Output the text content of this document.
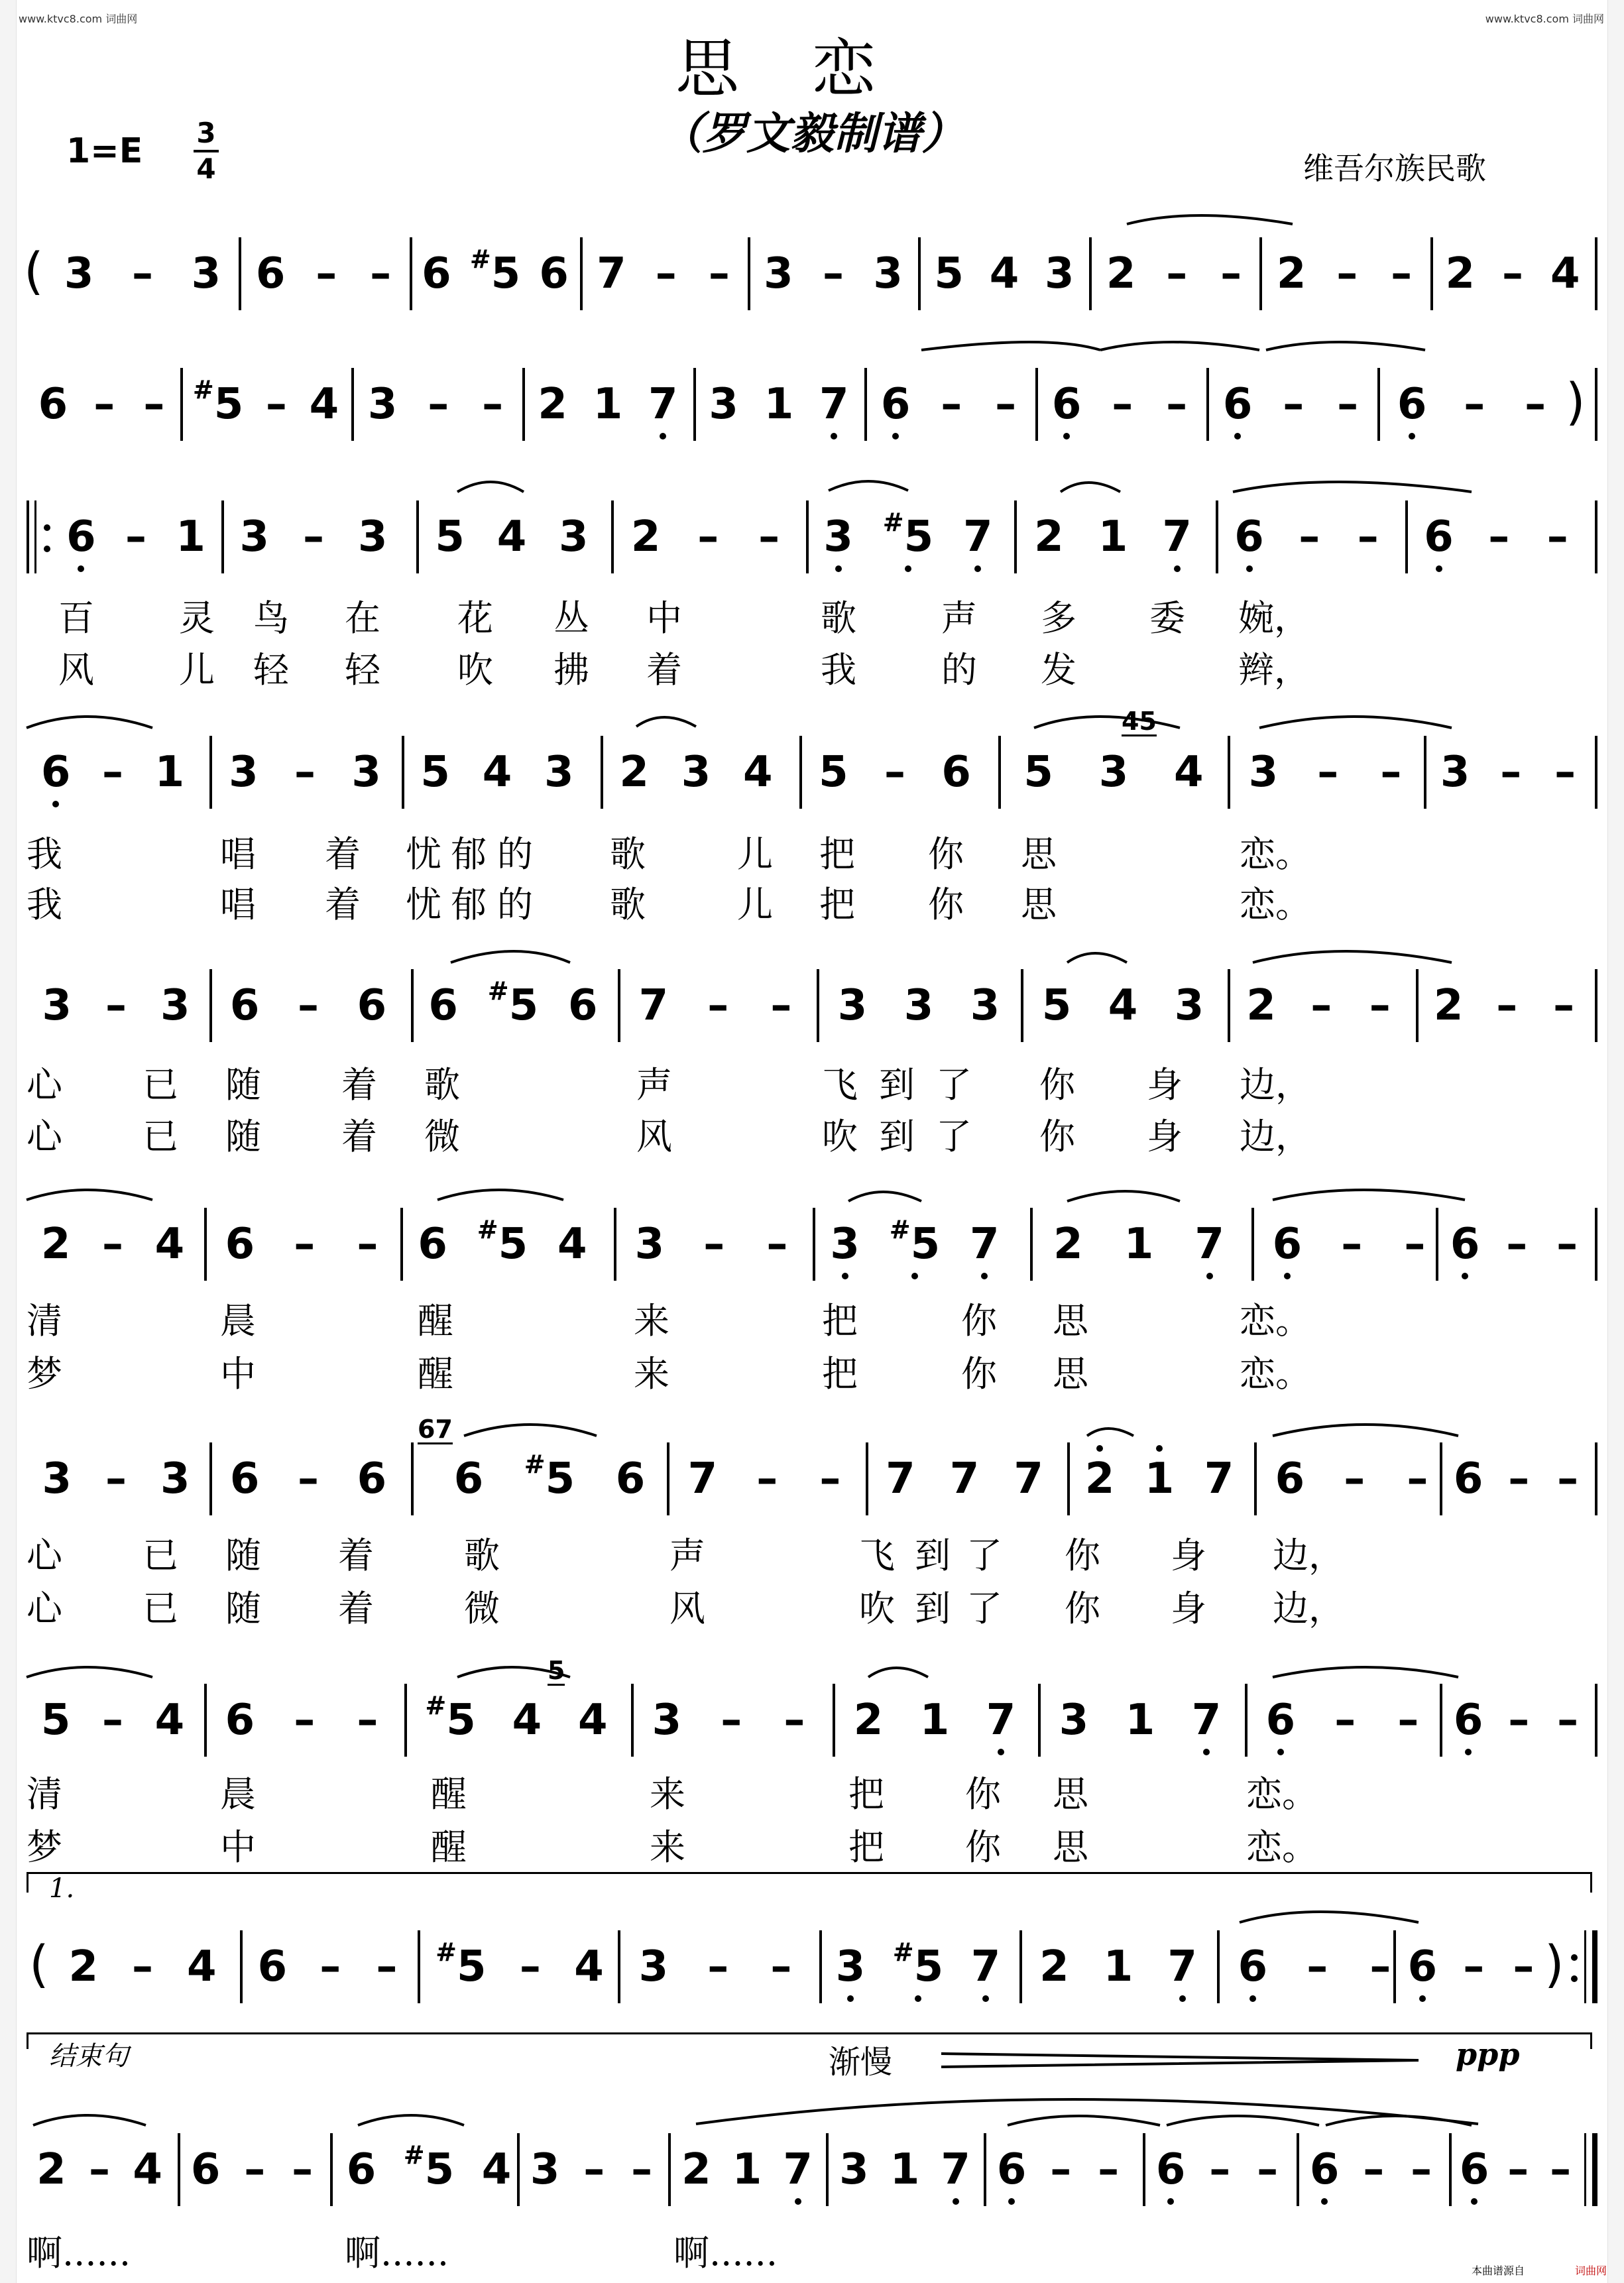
www.ktvc8.com 词曲网	www.ktvc8.com 词曲网
思恋
（罗文毅制谱）
1=E 3
4	维吾尔族民歌
( 3 – 3 6 – – 6 #5 6 7 – – 3 – 3 5 4 3 2 – – 2 – – 2 – 4
6 – – #5 – 4 3 – – 2 1 7 3 1 7 6 – – 6 – – 6 – – 6 – – )
6 – 1 3 – 3 5 4 3 2 – – 3 #5 7 2 1 7 6 – – 6 – –
百 灵 鸟 在 花 丛 中	歌 声 多 委 婉，
风 儿 轻 轻 吹 拂 着	我 的 发	辫，
6 – 1 3 – 3 5 4 3 2 3 4 5 – 6 5 3 4 3 – – 3 – –
45
我	唱 着 忧 郁 的 歌	儿 把 你 思	恋。
我	唱 着 忧 郁 的 歌	儿 把 你 思	恋。
3 – 3 6 – 6 6 #5 6 7 – – 3 3 3 5 4 3 2 – – 2 – –
心 已 随 着 歌	声	飞 到 了 你 身 边，
心 已 随 着 微	风	吹 到 了 你 身 边，
2 – 4 6 – – 6 #5 4 3 – – 3 #5 7 2 1 7 6 – – 6 – –
清	晨	醒	来	把	你 思	恋。
梦	中	醒	来	把	你 思	恋。
3 – 3 6 – 6 6 #5 6 7 – – 7 7 7 2 1 7 6 – – 6 – –
67
心 已 随 着	歌	声	飞 到 了 你 身 边，
心 已 随 着	微	风	吹 到 了 你 身 边，
5 – 4 6 – – #5 4 4 3 – – 2 1 7 3 1 7 6 – – 6 – –
5
清	晨	醒	来	把 你 思	恋。
梦	中	醒	来	把 你 思	恋。
1.
( 2 – 4 6 – – #5 – 4 3 – – 3 #5 7 2 1 7 6 – – 6 – – )
结束句	渐慢	ppp
2 – 4 6 – – 6 #5 4 3 – – 2 1 7 3 1 7 6 – – 6 – – 6 – – 6 – –
啊......	啊......	啊......	本曲谱源自	词曲网
